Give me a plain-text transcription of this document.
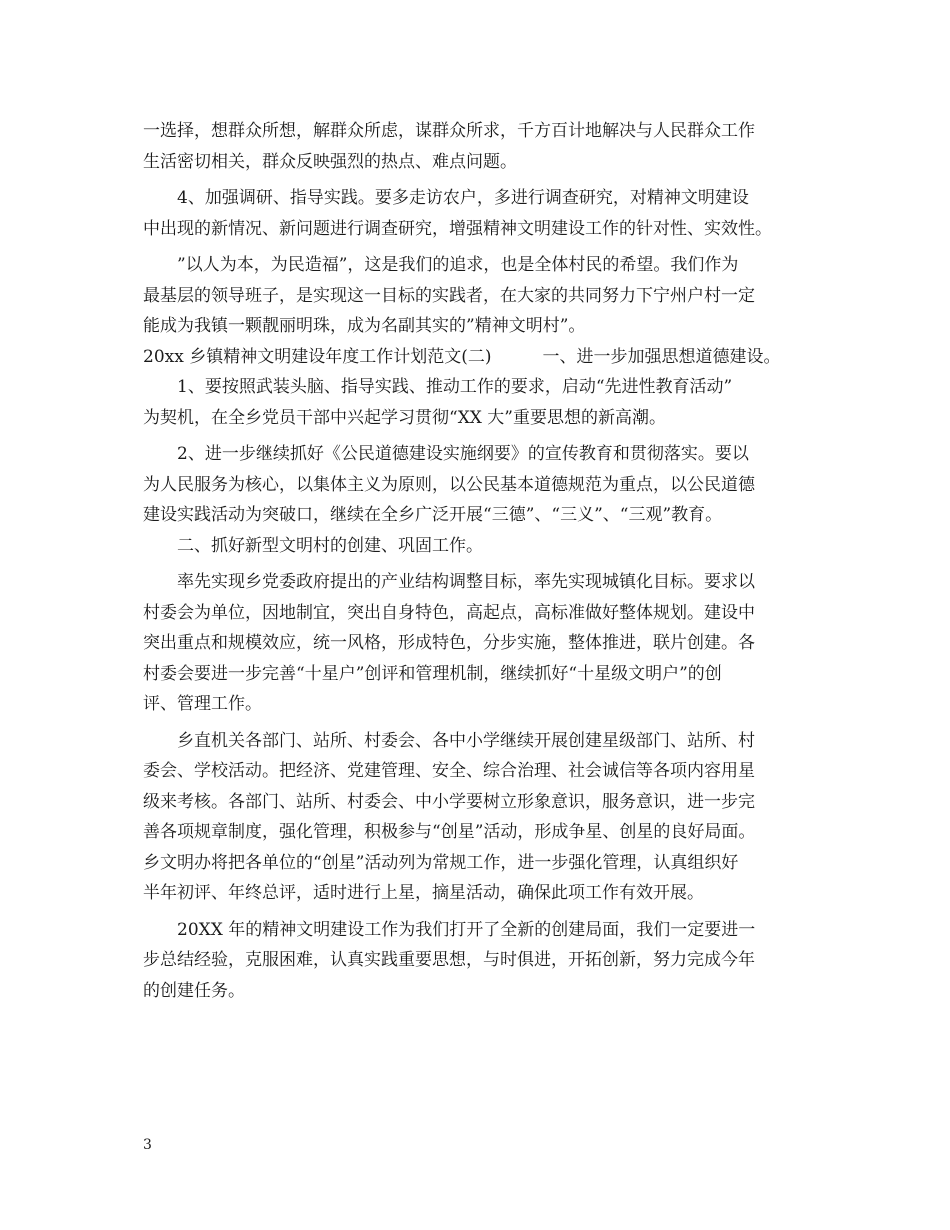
一选择，想群众所想，解群众所虑，谋群众所求，千方百计地解决与人民群众工作
生活密切相关，群众反映强烈的热点、难点问题。
　　4、加强调研、指导实践。要多走访农户，多进行调查研究，对精神文明建设
中出现的新情况、新问题进行调查研究，增强精神文明建设工作的针对性、实效性。
　　”以人为本，为民造福”，这是我们的追求，也是全体村民的希望。我们作为
最基层的领导班子，是实现这一目标的实践者，在大家的共同努力下宁州户村一定
能成为我镇一颗靓丽明珠，成为名副其实的”精神文明村”。
20xx 乡镇精神文明建设年度工作计划范文(二)　　　一、进一步加强思想道德建设。
　　1、要按照武装头脑、指导实践、推动工作的要求，启动“先进性教育活动”
为契机，在全乡党员干部中兴起学习贯彻“XX 大”重要思想的新高潮。
　　2、进一步继续抓好《公民道德建设实施纲要》的宣传教育和贯彻落实。要以
为人民服务为核心，以集体主义为原则，以公民基本道德规范为重点，以公民道德
建设实践活动为突破口，继续在全乡广泛开展“三德”、“三义”、“三观”教育。
　　二、抓好新型文明村的创建、巩固工作。
　　率先实现乡党委政府提出的产业结构调整目标，率先实现城镇化目标。要求以
村委会为单位，因地制宜，突出自身特色，高起点，高标准做好整体规划。建设中
突出重点和规模效应，统一风格，形成特色，分步实施，整体推进，联片创建。各
村委会要进一步完善“十星户”创评和管理机制，继续抓好“十星级文明户”的创
评、管理工作。
　　乡直机关各部门、站所、村委会、各中小学继续开展创建星级部门、站所、村
委会、学校活动。把经济、党建管理、安全、综合治理、社会诚信等各项内容用星
级来考核。各部门、站所、村委会、中小学要树立形象意识，服务意识，进一步完
善各项规章制度，强化管理，积极参与“创星”活动，形成争星、创星的良好局面。
乡文明办将把各单位的“创星”活动列为常规工作，进一步强化管理，认真组织好
半年初评、年终总评，适时进行上星，摘星活动，确保此项工作有效开展。
　　20XX 年的精神文明建设工作为我们打开了全新的创建局面，我们一定要进一
步总结经验，克服困难，认真实践重要思想，与时俱进，开拓创新，努力完成今年
的创建任务。
3
